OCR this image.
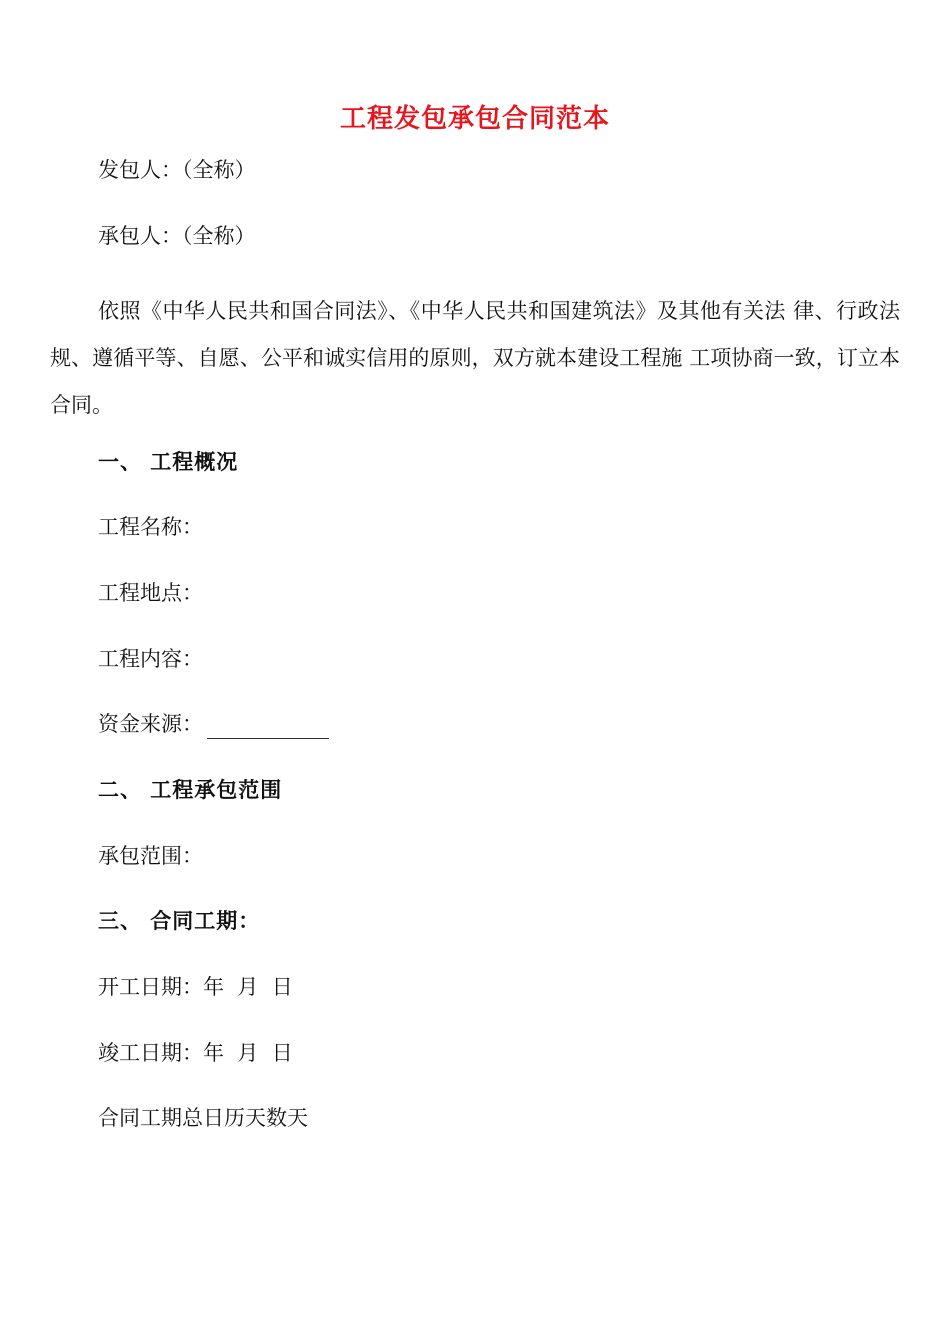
工程发包承包合同范本
发包人：（全称）
承包人：（全称）
依照《中华人民共和国合同法》、《中华人民共和国建筑法》及其他有关法 律、行政法规、遵循平等、自愿、公平和诚实信用的原则，双方就本建设工程施 工项协商一致，订立本合同。
一、 工程概况
工程名称：
工程地点：
工程内容：
资金来源：
二、 工程承包范围
承包范围：
三、 合同工期：
开工日期：年  月  日
竣工日期：年  月  日
合同工期总日历天数天
